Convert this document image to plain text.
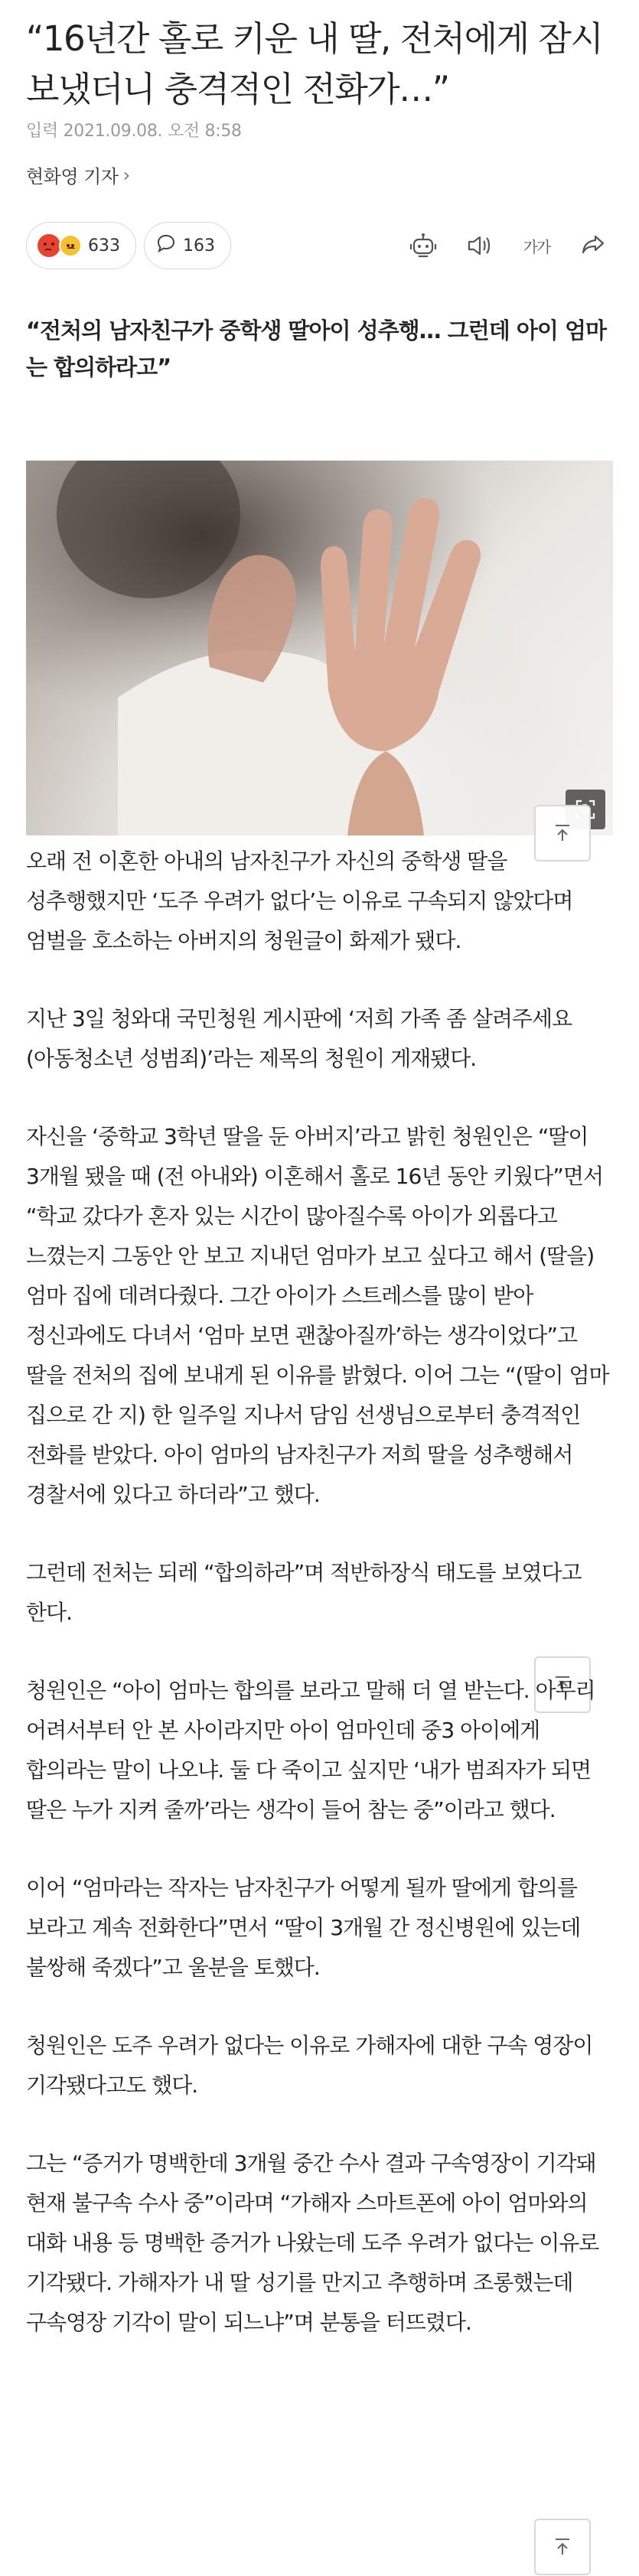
“16년간 홀로 키운 내 딸, 전처에게 잠시 보냈더니 충격적인 전화가…”
입력 2021.09.08. 오전 8:58
현화영 기자 ›
633	163	가가
“전처의 남자친구가 중학생 딸아이 성추행… 그런데 아이 엄마는 합의하라고”

오래 전 이혼한 아내의 남자친구가 자신의 중학생 딸을 성추행했지만 ‘도주 우려가 없다’는 이유로 구속되지 않았다며 엄벌을 호소하는 아버지의 청원글이 화제가 됐다.

지난 3일 청와대 국민청원 게시판에 ‘저희 가족 좀 살려주세요(아동청소년 성범죄)’라는 제목의 청원이 게재됐다.

자신을 ‘중학교 3학년 딸을 둔 아버지’라고 밝힌 청원인은 “딸이 3개월 됐을 때 (전 아내와) 이혼해서 홀로 16년 동안 키웠다”면서 “학교 갔다가 혼자 있는 시간이 많아질수록 아이가 외롭다고 느꼈는지 그동안 안 보고 지내던 엄마가 보고 싶다고 해서 (딸을) 엄마 집에 데려다줬다. 그간 아이가 스트레스를 많이 받아 정신과에도 다녀서 ‘엄마 보면 괜찮아질까’하는 생각이었다”고 딸을 전처의 집에 보내게 된 이유를 밝혔다. 이어 그는 “(딸이 엄마 집으로 간 지) 한 일주일 지나서 담임 선생님으로부터 충격적인 전화를 받았다. 아이 엄마의 남자친구가 저희 딸을 성추행해서 경찰서에 있다고 하더라”고 했다.

그런데 전처는 되레 “합의하라”며 적반하장식 태도를 보였다고 한다.

청원인은 “아이 엄마는 합의를 보라고 말해 더 열 받는다. 아무리 어려서부터 안 본 사이라지만 아이 엄마인데 중3 아이에게 합의라는 말이 나오냐. 둘 다 죽이고 싶지만 ‘내가 범죄자가 되면 딸은 누가 지켜 줄까’라는 생각이 들어 참는 중”이라고 했다.

이어 “엄마라는 작자는 남자친구가 어떻게 될까 딸에게 합의를 보라고 계속 전화한다”면서 “딸이 3개월 간 정신병원에 있는데 불쌍해 죽겠다”고 울분을 토했다.

청원인은 도주 우려가 없다는 이유로 가해자에 대한 구속 영장이 기각됐다고도 했다.

그는 “증거가 명백한데 3개월 중간 수사 결과 구속영장이 기각돼 현재 불구속 수사 중”이라며 “가해자 스마트폰에 아이 엄마와의 대화 내용 등 명백한 증거가 나왔는데 도주 우려가 없다는 이유로 기각됐다. 가해자가 내 딸 성기를 만지고 추행하며 조롱했는데 구속영장 기각이 말이 되느냐”며 분통을 터뜨렸다.
